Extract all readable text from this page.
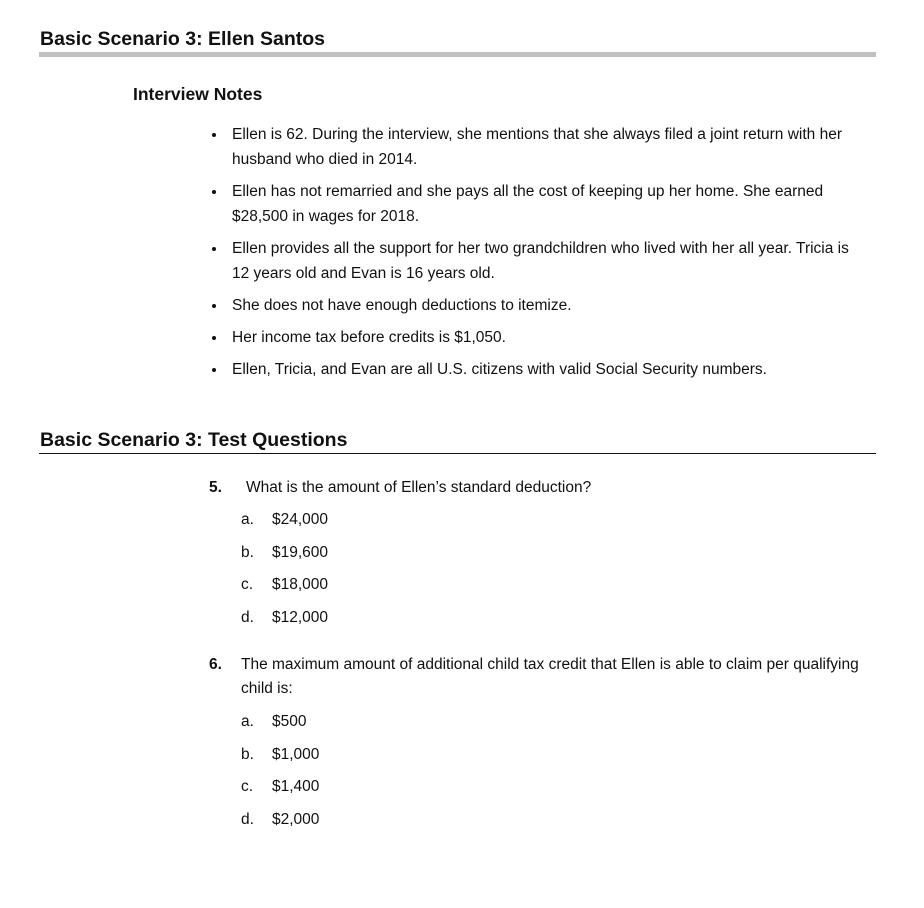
Basic Scenario 3: Ellen Santos
Interview Notes
Ellen is 62. During the interview, she mentions that she always filed a joint return with her husband who died in 2014.
Ellen has not remarried and she pays all the cost of keeping up her home. She earned $28,500 in wages for 2018.
Ellen provides all the support for her two grandchildren who lived with her all year. Tricia is 12 years old and Evan is 16 years old.
She does not have enough deductions to itemize.
Her income tax before credits is $1,050.
Ellen, Tricia, and Evan are all U.S. citizens with valid Social Security numbers.
Basic Scenario 3: Test Questions
5.	What is the amount of Ellen’s standard deduction?
a.	$24,000
b.	$19,600
c.	$18,000
d.	$12,000
6.	The maximum amount of additional child tax credit that Ellen is able to claim per qualifying child is:
a.	$500
b.	$1,000
c.	$1,400
d.	$2,000
